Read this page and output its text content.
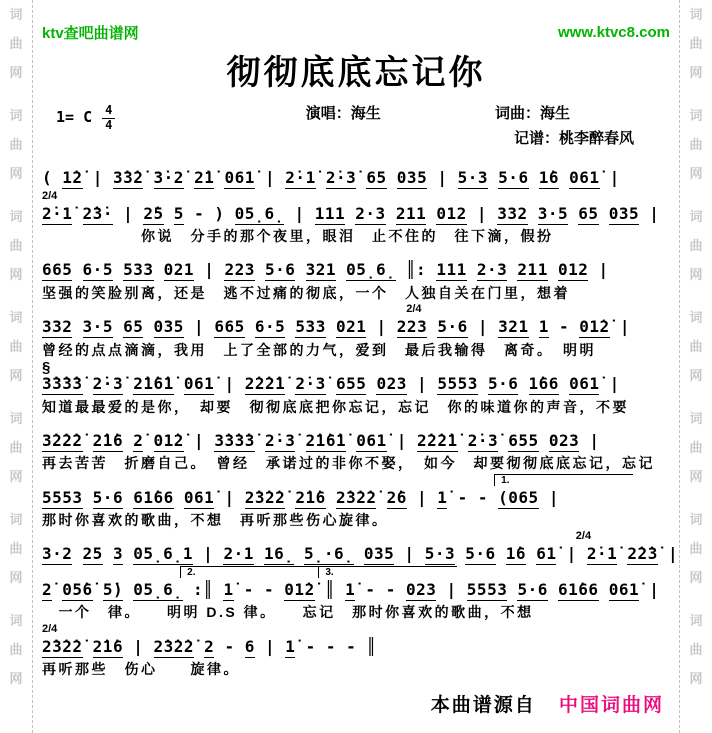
词
曲
网
词
曲
网
词
曲
网
词
曲
网
词
曲
网
词
曲
网
词
曲
网
词
曲
网
词
曲
网
词
曲
网
词
曲
网
词
曲
网
词
曲
网
词
曲
网
ktv查吧曲谱网	www.ktvc8.com
彻彻底底忘记你
1= C $\frac{4}{4}$	演唱：海生	词曲：海生
记谱：桃李醉春风
( 1̇2̇ | 3̇3̇2̇ 3̇·2̇ 2̇1̇ 061̇ | 2̇·1̇ 2̇·3̇ 65 035 | 5·3 5·6 1̇6 061̇ |
2/4
2̇·1̇ 2̇3̇· | 2̇5 5 - ) 05̣6̣ | 111 2·3 211 012 | 332 3·5 65 035 |
　　　　　　你说　分手的那个夜里，眼泪　止不住的　往下滴，假扮
665 6·5 533 021 | 223 5·6 321 05̣6̣ ║: 111 2·3 211 012 |
坚强的笑脸别离，还是　逃不过痛的彻底，一个　人独自关在门里，想着
2/4
332 3·5 65 035 | 665 6·5 533 021 | 223 5·6 | 321 1 - 01̇2̇ |
曾经的点点滴滴，我用　上了全部的力气，爱到　最后我输得　离奇。　明明
§
3̇3̇3̇3̇ 2̇·3̇ 2̇1̇6̇1̇ 061̇ | 2̇2̇2̇1̇ 2̇·3̇ 655 023 | 5553 5·6 1̇66 061̇ |
知道最最爱的是你，　却要　彻彻底底把你忘记，忘记　你的味道你的声音，不要
3̇2̇2̇2̇ 2̇1̇6 2̇ 01̇2̇ | 3̇3̇3̇3̇ 2̇·3̇ 2̇1̇6̇1̇ 061̇ | 2̇2̇2̇1̇ 2̇·3̇ 655 023 |
再去苦苦　折磨自己。　曾经　承诺过的非你不娶，　如今　却要彻彻底底忘记，忘记
1.
5553 5·6 61̇66 061̇ | 2̇3̇2̇2̇ 2̇1̇6 2̇3̇2̇2̇ 2̇6 | 1̇ - - (065 |
那时你喜欢的歌曲，不想　再听那些伤心旋律。
2/4
3·2 25 3 05̣6̣1 | 2·1 16̣ 5̣·6̣ 035 | 5·3 5·6 1̇6 61̇ | 2̇·1̇ 2̇2̇3̇ |
2.	3.
2̇ 05̇6̇ 5̇) 05̣6̣ :║ 1̇ - - 01̇2̇ ║ 1̇ - - 023 | 5553 5·6 61̇66 061̇ |
　一个　律。　　明明 D.S 律。　　忘记　那时你喜欢的歌曲，不想
2/4
2̇3̇2̇2̇ 2̇1̇6 | 2̇3̇2̇2̇ 2 - 6 | 1̇ - - - ║
再听那些　伤心　　旋律。
本曲谱源自 中国词曲网
